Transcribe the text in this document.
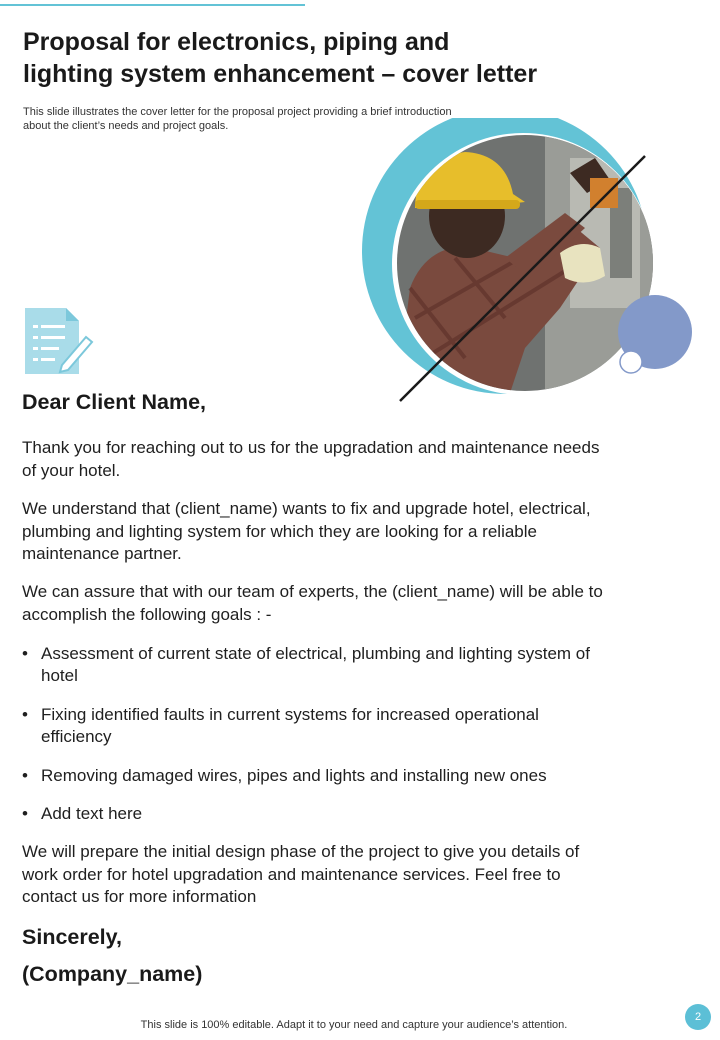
Proposal for electronics, piping and
lighting system enhancement – cover letter
This slide illustrates the cover letter for the proposal project providing a brief introduction
about the client’s needs and project goals.
Dear Client Name,
Thank you for reaching out to us for the upgradation and maintenance needs
of your hotel.
We understand that (client_name) wants to fix and upgrade hotel, electrical,
plumbing and lighting system for which they are looking for a reliable
maintenance partner.
We can assure that with our team of experts, the (client_name) will be able to
accomplish the following goals : -
• Assessment of current state of electrical, plumbing and lighting system of
hotel
• Fixing identified faults in current systems for increased operational
efficiency
• Removing damaged wires, pipes and lights and installing new ones
• Add text here
We will prepare the initial design phase of the project to give you details of
work order for hotel upgradation and maintenance services. Feel free to
contact us for more information
Sincerely,
(Company_name)
This slide is 100% editable. Adapt it to your need and capture your audience’s attention.
2
